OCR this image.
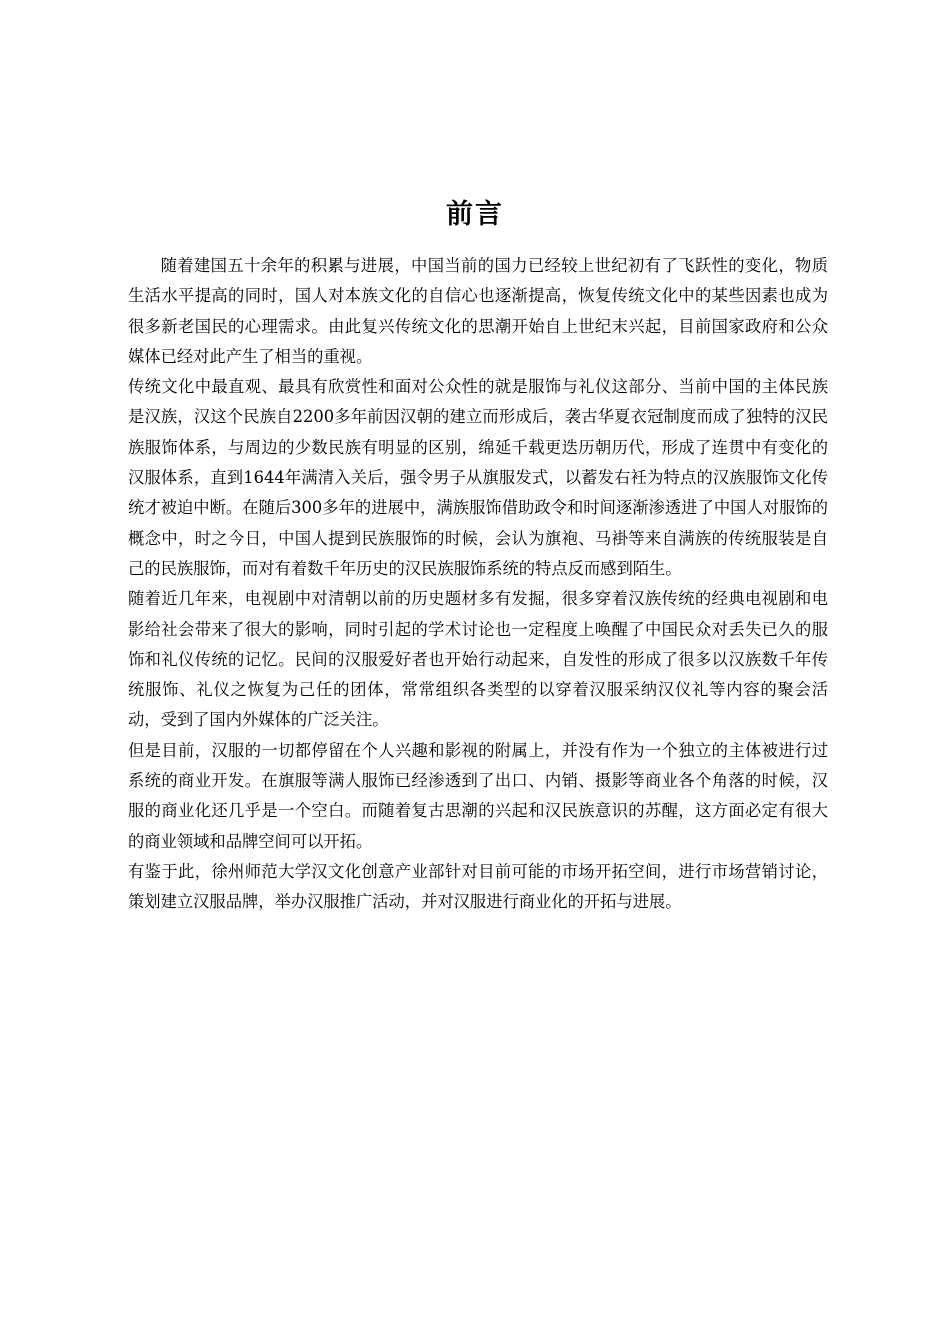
前言

随着建国五十余年的积累与进展，中国当前的国力已经较上世纪初有了飞跃性的变化，物质生活水平提高的同时，国人对本族文化的自信心也逐渐提高，恢复传统文化中的某些因素也成为很多新老国民的心理需求。由此复兴传统文化的思潮开始自上世纪末兴起，目前国家政府和公众媒体已经对此产生了相当的重视。

传统文化中最直观、最具有欣赏性和面对公众性的就是服饰与礼仪这部分、当前中国的主体民族是汉族，汉这个民族自2200多年前因汉朝的建立而形成后，袭古华夏衣冠制度而成了独特的汉民族服饰体系，与周边的少数民族有明显的区别，绵延千载更迭历朝历代，形成了连贯中有变化的汉服体系，直到1644年满清入关后，强令男子从旗服发式，以蓄发右衽为特点的汉族服饰文化传统才被迫中断。在随后300多年的进展中，满族服饰借助政令和时间逐渐渗透进了中国人对服饰的概念中，时之今日，中国人提到民族服饰的时候，会认为旗袍、马褂等来自满族的传统服装是自己的民族服饰，而对有着数千年历史的汉民族服饰系统的特点反而感到陌生。

随着近几年来，电视剧中对清朝以前的历史题材多有发掘，很多穿着汉族传统的经典电视剧和电影给社会带来了很大的影响，同时引起的学术讨论也一定程度上唤醒了中国民众对丢失已久的服饰和礼仪传统的记忆。民间的汉服爱好者也开始行动起来，自发性的形成了很多以汉族数千年传统服饰、礼仪之恢复为己任的团体，常常组织各类型的以穿着汉服采纳汉仪礼等内容的聚会活动，受到了国内外媒体的广泛关注。

但是目前，汉服的一切都停留在个人兴趣和影视的附属上，并没有作为一个独立的主体被进行过系统的商业开发。在旗服等满人服饰已经渗透到了出口、内销、摄影等商业各个角落的时候，汉服的商业化还几乎是一个空白。而随着复古思潮的兴起和汉民族意识的苏醒，这方面必定有很大的商业领域和品牌空间可以开拓。

有鉴于此，徐州师范大学汉文化创意产业部针对目前可能的市场开拓空间，进行市场营销讨论，策划建立汉服品牌，举办汉服推广活动，并对汉服进行商业化的开拓与进展。
